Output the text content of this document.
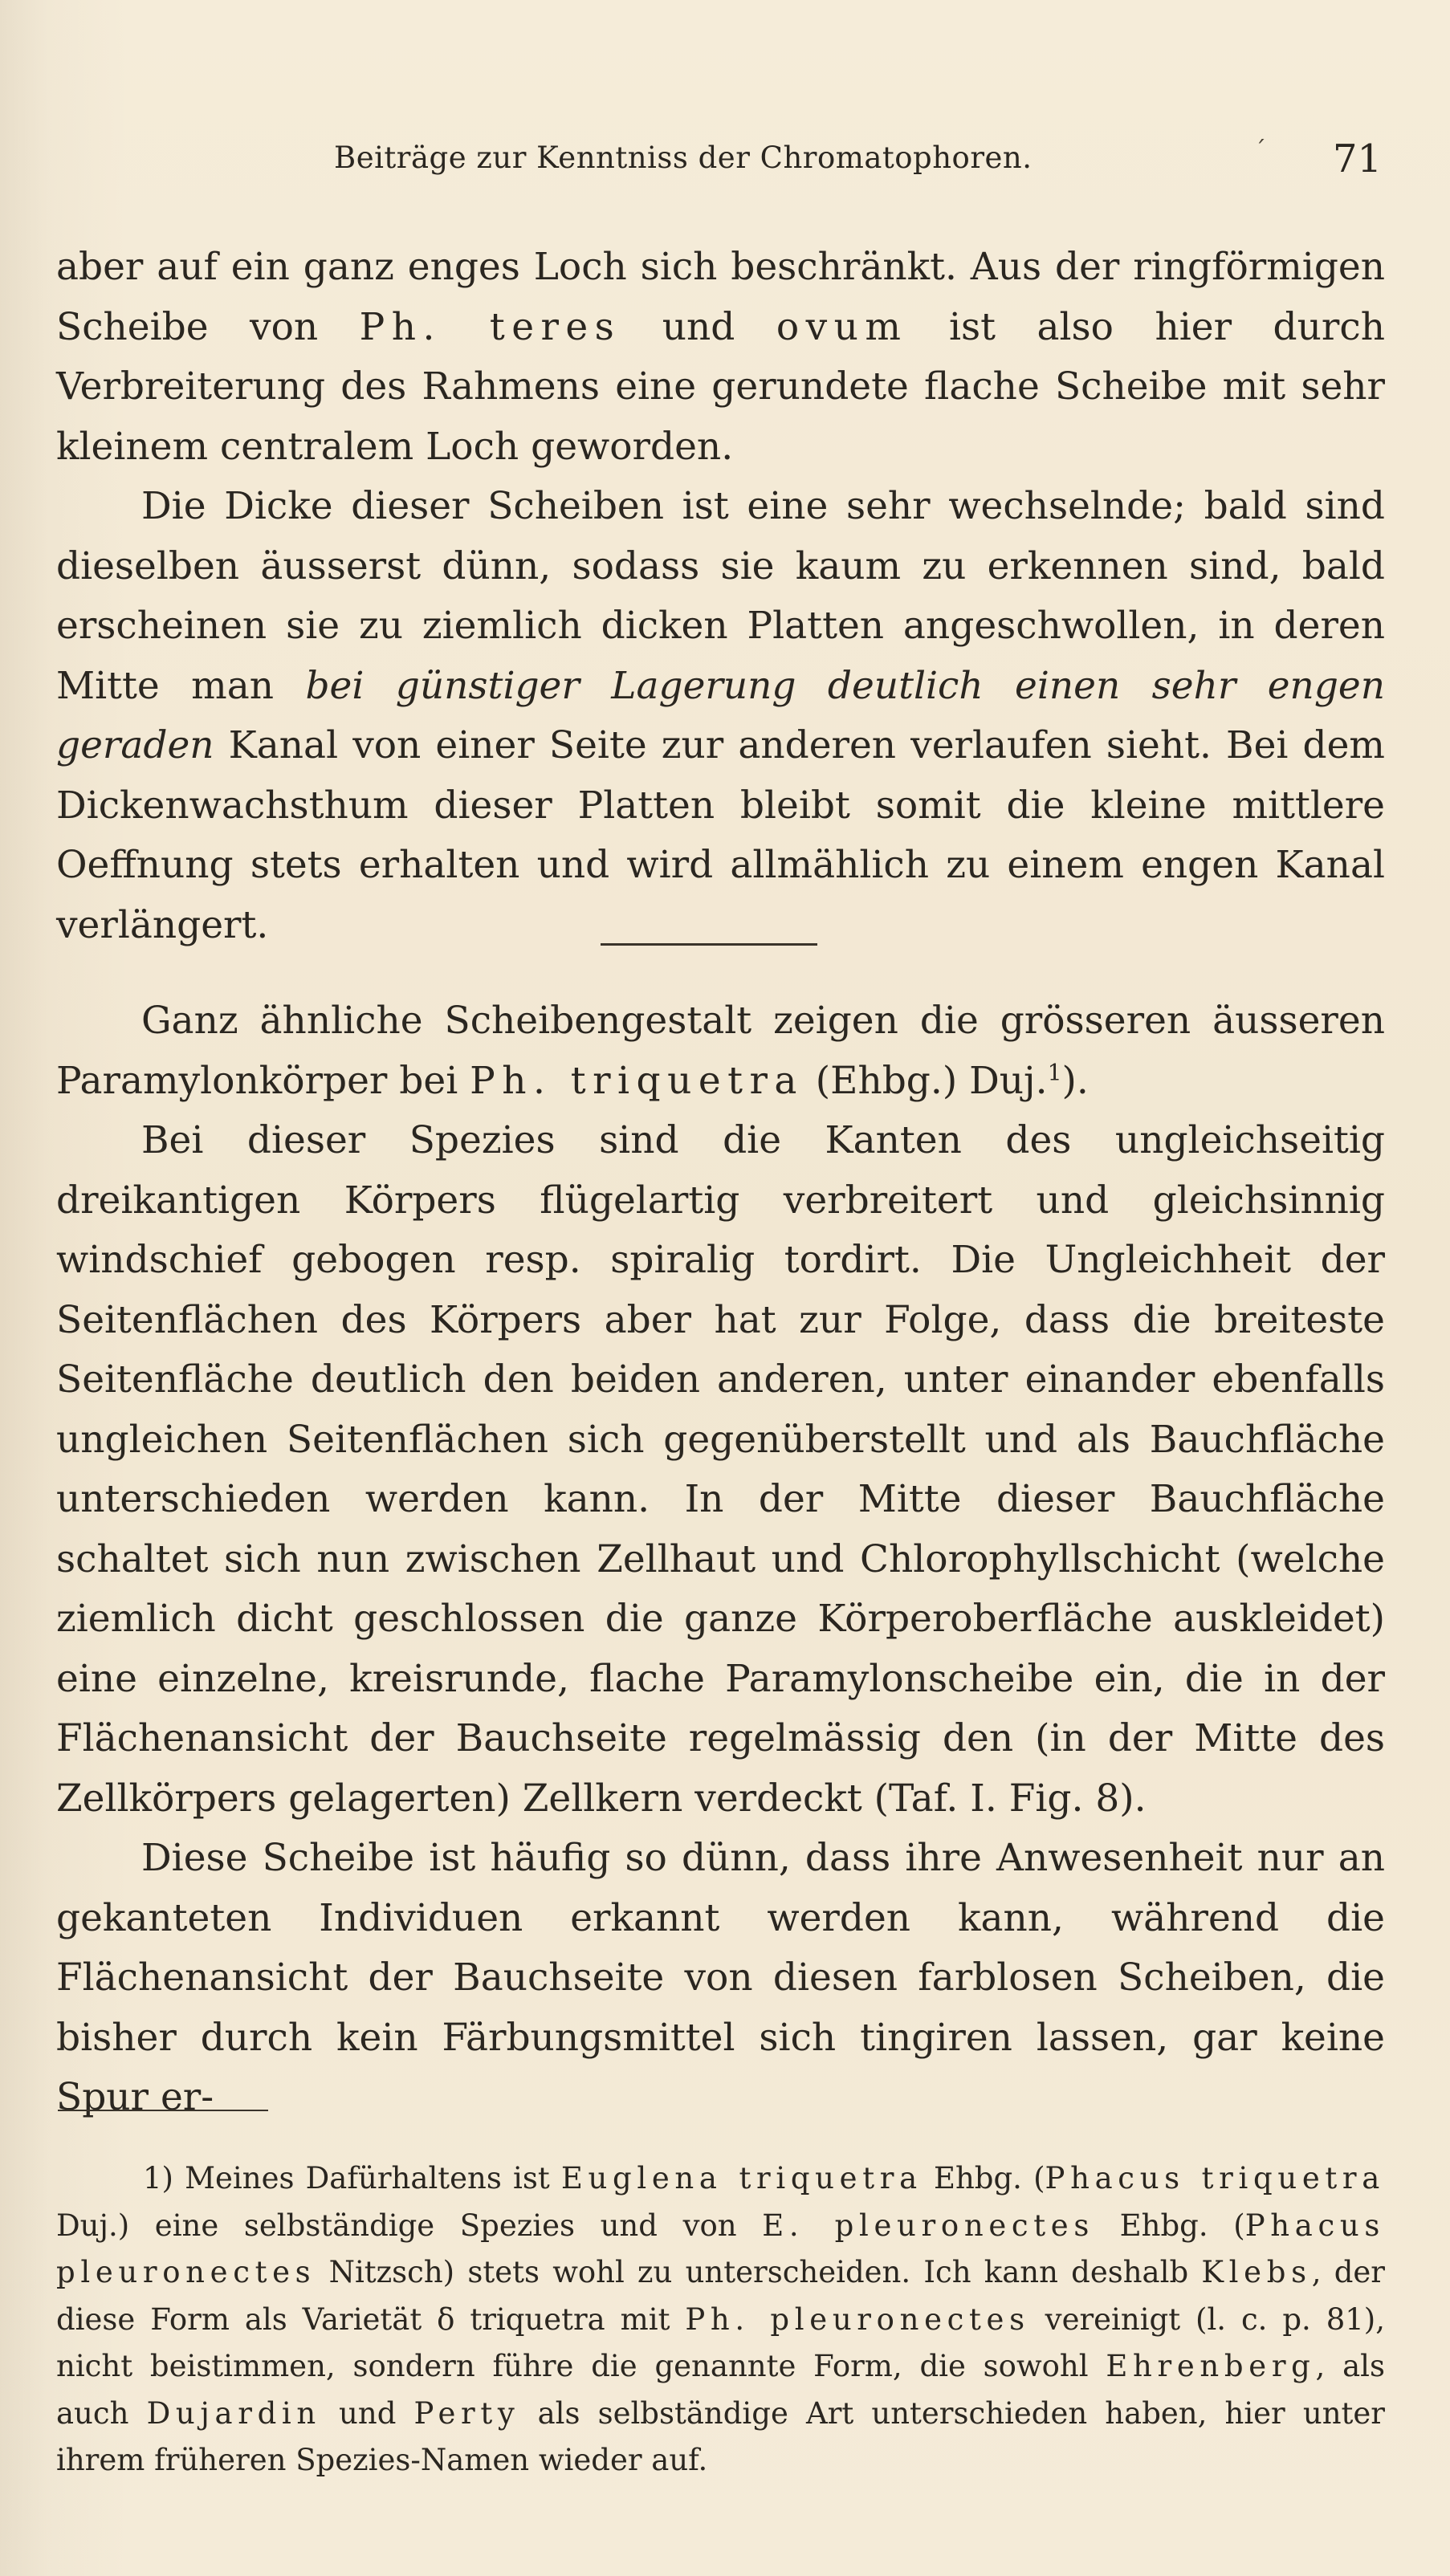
Beiträge zur Kenntniss der Chromatophoren.	´ 71

aber auf ein ganz enges Loch sich beschränkt. Aus der ringförmigen Scheibe von Ph. teres und ovum ist also hier durch Verbreiterung des Rahmens eine gerundete flache Scheibe mit sehr kleinem centralem Loch geworden.

Die Dicke dieser Scheiben ist eine sehr wechselnde; bald sind dieselben äusserst dünn, sodass sie kaum zu erkennen sind, bald erscheinen sie zu ziemlich dicken Platten angeschwollen, in deren Mitte man bei günstiger Lagerung deutlich einen sehr engen geraden Kanal von einer Seite zur anderen verlaufen sieht. Bei dem Dickenwachsthum dieser Platten bleibt somit die kleine mittlere Oeffnung stets erhalten und wird allmählich zu einem engen Kanal verlängert.

Ganz ähnliche Scheibengestalt zeigen die grösseren äusseren Paramylonkörper bei Ph. triquetra (Ehbg.) Duj.$^1$).

Bei dieser Spezies sind die Kanten des ungleichseitig dreikantigen Körpers flügelartig verbreitert und gleichsinnig windschief gebogen resp. spiralig tordirt. Die Ungleichheit der Seitenflächen des Körpers aber hat zur Folge, dass die breiteste Seitenfläche deutlich den beiden anderen, unter einander ebenfalls ungleichen Seitenflächen sich gegenüberstellt und als Bauchfläche unterschieden werden kann. In der Mitte dieser Bauchfläche schaltet sich nun zwischen Zellhaut und Chlorophyllschicht (welche ziemlich dicht geschlossen die ganze Körperoberfläche auskleidet) eine einzelne, kreisrunde, flache Paramylonscheibe ein, die in der Flächenansicht der Bauchseite regelmässig den (in der Mitte des Zellkörpers gelagerten) Zellkern verdeckt (Taf. I. Fig. 8).

Diese Scheibe ist häufig so dünn, dass ihre Anwesenheit nur an gekanteten Individuen erkannt werden kann, während die Flächenansicht der Bauchseite von diesen farblosen Scheiben, die bisher durch kein Färbungsmittel sich tingiren lassen, gar keine Spur er-

1) Meines Dafürhaltens ist Euglena triquetra Ehbg. (Phacus triquetra Duj.) eine selbständige Spezies und von E. pleuronectes Ehbg. (Phacus pleuronectes Nitzsch) stets wohl zu unterscheiden. Ich kann deshalb Klebs, der diese Form als Varietät δ triquetra mit Ph. pleuronectes vereinigt (l. c. p. 81), nicht beistimmen, sondern führe die genannte Form, die sowohl Ehrenberg, als auch Dujardin und Perty als selbständige Art unterschieden haben, hier unter ihrem früheren Spezies-Namen wieder auf.
